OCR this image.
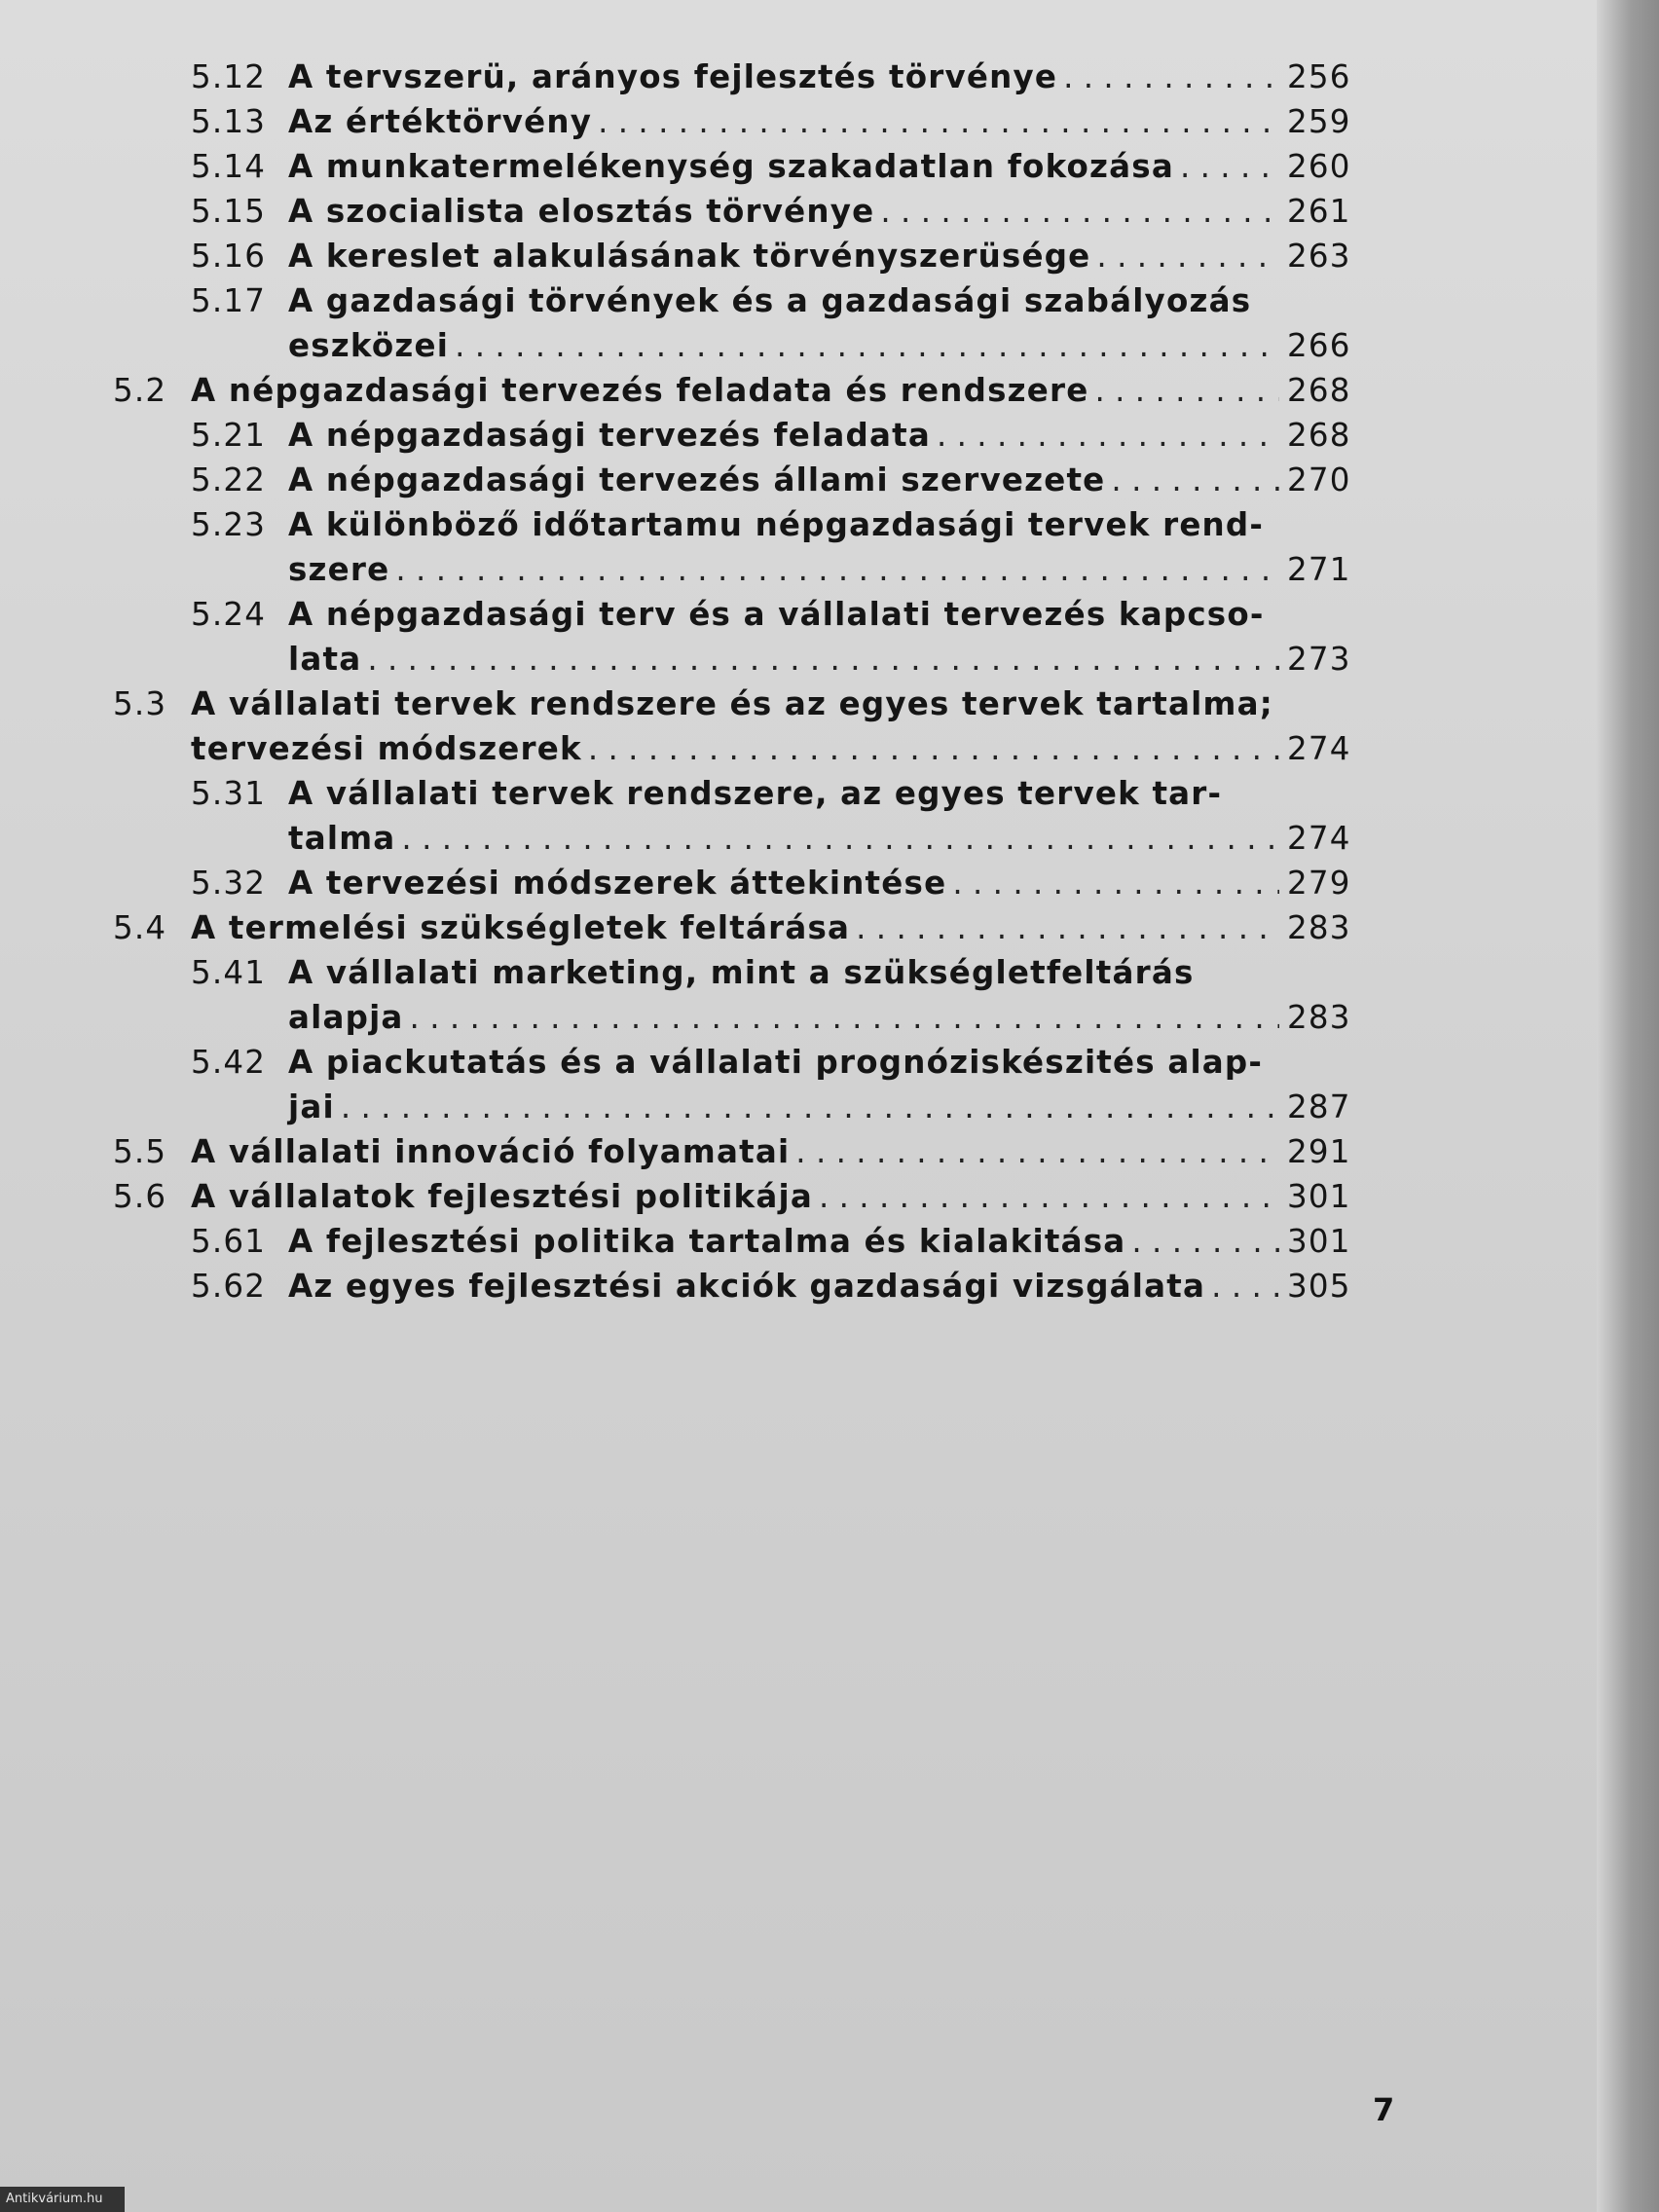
5.12 A tervszerü, arányos fejlesztés törvénye . . .	256
5.13 Az értéktörvény . . .	259
5.14 A munkatermelékenység szakadatlan fokozása . . .	260
5.15 A szocialista elosztás törvénye . . .	261
5.16 A kereslet alakulásának törvényszerüsége . . .	263
5.17 A gazdasági törvények és a gazdasági szabályozás
eszközei . . .	266
5.2 A népgazdasági tervezés feladata és rendszere . . .	268
5.21 A népgazdasági tervezés feladata . . .	268
5.22 A népgazdasági tervezés állami szervezete . . .	270
5.23 A különböző időtartamu népgazdasági tervek rend-
szere . . .	271
5.24 A népgazdasági terv és a vállalati tervezés kapcso-
lata . . .	273
5.3 A vállalati tervek rendszere és az egyes tervek tartalma;
tervezési módszerek . . .	274
5.31 A vállalati tervek rendszere, az egyes tervek tar-
talma . . .	274
5.32 A tervezési módszerek áttekintése . . .	279
5.4 A termelési szükségletek feltárása . . .	283
5.41 A vállalati marketing, mint a szükségletfeltárás
alapja . . .	283
5.42 A piackutatás és a vállalati prognóziskészités alap-
jai . . .	287
5.5 A vállalati innováció folyamatai . . .	291
5.6 A vállalatok fejlesztési politikája . . .	301
5.61 A fejlesztési politika tartalma és kialakitása . . .	301
5.62 Az egyes fejlesztési akciók gazdasági vizsgálata . . .	305
7
Antikvárium.hu
